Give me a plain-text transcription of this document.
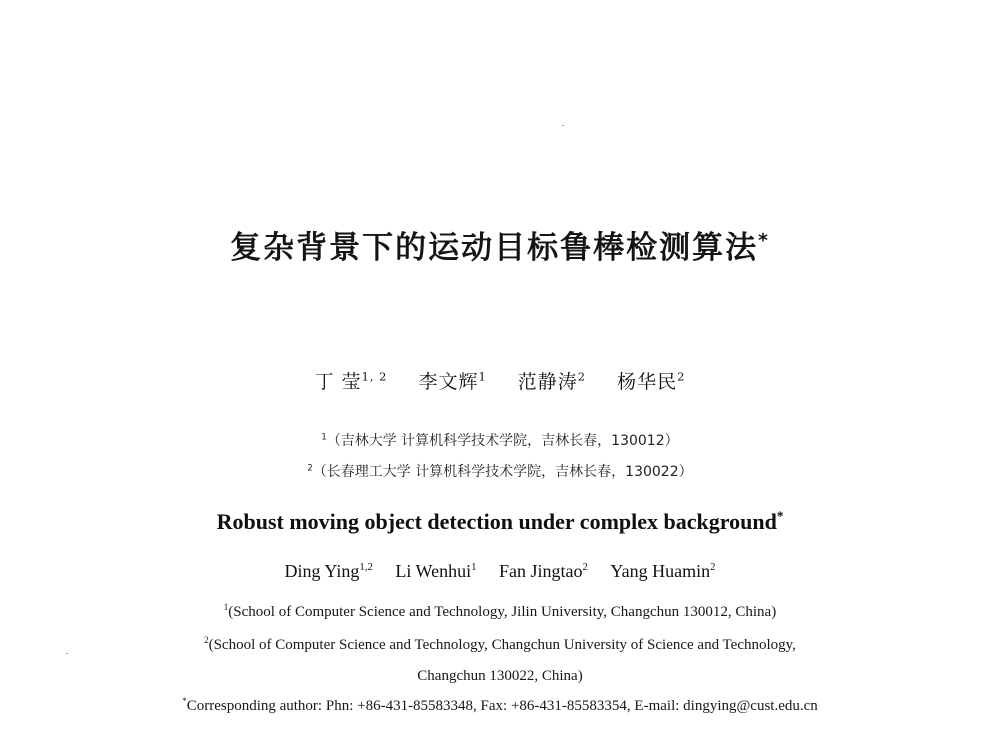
复杂背景下的运动目标鲁棒检测算法*
丁 莹$^{1, 2}$ 李文辉$^1$ 范静涛$^2$ 杨华民$^2$
$^1$（吉林大学 计算机科学技术学院，吉林长春，130012）
$^2$（长春理工大学 计算机科学技术学院，吉林长春，130022）
Robust moving object detection under complex background*
Ding Ying$^{1,2}$ Li Wenhui$^1$ Fan Jingtao$^2$ Yang Huamin$^2$
$^1$(School of Computer Science and Technology, Jilin University, Changchun 130012, China)
$^2$(School of Computer Science and Technology, Changchun University of Science and Technology,
Changchun 130022, China)
*Corresponding author: Phn: +86-431-85583348, Fax: +86-431-85583354, E-mail: dingying@cust.edu.cn
